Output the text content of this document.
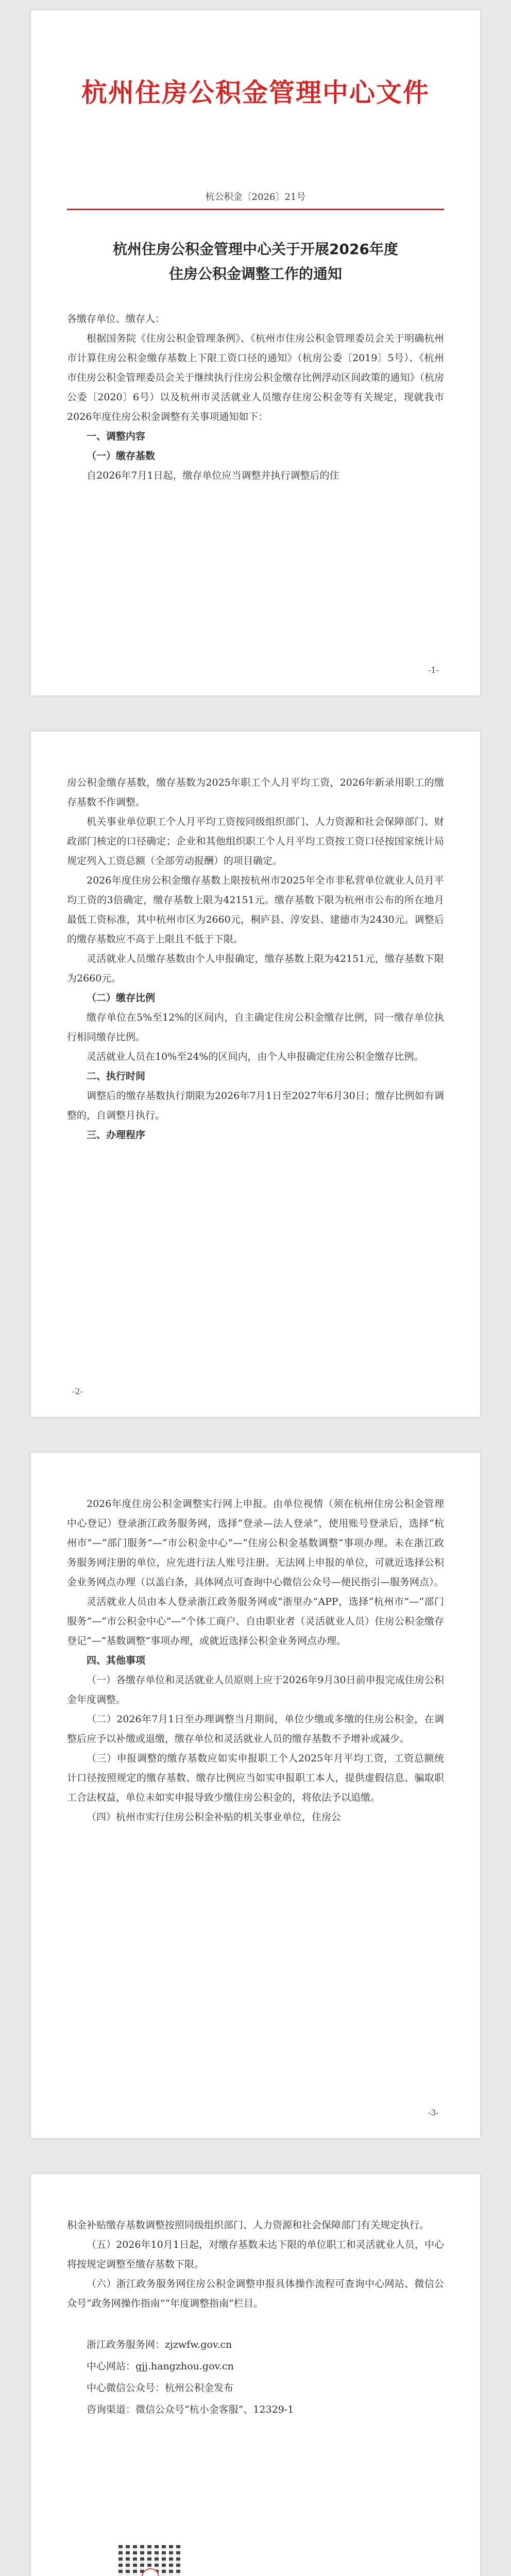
杭州住房公积金管理中心文件
杭公积金〔2026〕21号
杭州住房公积金管理中心关于开展2026年度
住房公积金调整工作的通知

各缴存单位、缴存人：

根据国务院《住房公积金管理条例》、《杭州市住房公积金管理委员会关于明确杭州市计算住房公积金缴存基数上下限工资口径的通知》（杭房公委〔2019〕5号）、《杭州市住房公积金管理委员会关于继续执行住房公积金缴存比例浮动区间政策的通知》（杭房公委〔2020〕6号）以及杭州市灵活就业人员缴存住房公积金等有关规定，现就我市2026年度住房公积金调整有关事项通知如下：

一、调整内容

（一）缴存基数

自2026年7月1日起，缴存单位应当调整并执行调整后的住

-1-

房公积金缴存基数，缴存基数为2025年职工个人月平均工资，2026年新录用职工的缴存基数不作调整。

机关事业单位职工个人月平均工资按同级组织部门、人力资源和社会保障部门、财政部门核定的口径确定；企业和其他组织职工个人月平均工资按工资口径按国家统计局规定列入工资总额（全部劳动报酬）的项目确定。

2026年度住房公积金缴存基数上限按杭州市2025年全市非私营单位就业人员月平均工资的3倍确定，缴存基数上限为42151元。缴存基数下限为杭州市公布的所在地月最低工资标准，其中杭州市区为2660元，桐庐县、淳安县、建德市为2430元。调整后的缴存基数应不高于上限且不低于下限。

灵活就业人员缴存基数由个人申报确定，缴存基数上限为42151元，缴存基数下限为2660元。

（二）缴存比例

缴存单位在5%至12%的区间内，自主确定住房公积金缴存比例，同一缴存单位执行相同缴存比例。

灵活就业人员在10%至24%的区间内，由个人申报确定住房公积金缴存比例。

二、执行时间

调整后的缴存基数执行期限为2026年7月1日至2027年6月30日；缴存比例如有调整的，自调整月执行。

三、办理程序

-2-

2026年度住房公积金调整实行网上申报。由单位视情（须在杭州住房公积金管理中心登记）登录浙江政务服务网，选择“登录—法人登录”，使用账号登录后，选择“杭州市”—“部门服务”—“市公积金中心”—“住房公积金基数调整”事项办理。未在浙江政务服务网注册的单位，应先进行法人账号注册。无法网上申报的单位，可就近选择公积金业务网点办理（以盖白条，具体网点可查询中心微信公众号—便民指引—服务网点）。

灵活就业人员由本人登录浙江政务服务网或“浙里办”APP，选择“杭州市”—“部门服务”—“市公积金中心”—“个体工商户、自由职业者（灵活就业人员）住房公积金缴存登记”—“基数调整”事项办理，或就近选择公积金业务网点办理。

四、其他事项

（一）各缴存单位和灵活就业人员原则上应于2026年9月30日前申报完成住房公积金年度调整。

（二）2026年7月1日至办理调整当月期间，单位少缴或多缴的住房公积金，在调整后应予以补缴或退缴，缴存单位和灵活就业人员的缴存基数不予增补或减少。

（三）申报调整的缴存基数应如实申报职工个人2025年月平均工资，工资总额统计口径按照规定的缴存基数、缴存比例应当如实申报职工本人，提供虚假信息、骗取职工合法权益，单位未如实申报导致少缴住房公积金的，将依法予以追缴。

（四）杭州市实行住房公积金补贴的机关事业单位，住房公

-3-

积金补贴缴存基数调整按照同级组织部门、人力资源和社会保障部门有关规定执行。

（五）2026年10月1日起，对缴存基数未达下限的单位职工和灵活就业人员，中心将按规定调整至缴存基数下限。

（六）浙江政务服务网住房公积金调整申报具体操作流程可查询中心网站、微信公众号“政务网操作指南”“年度调整指南”栏目。

浙江政务服务网：zjzwfw.gov.cn

中心网站：gjj.hangzhou.gov.cn

中心微信公众号：杭州公积金发布

咨询渠道：微信公众号“杭小金客服”、12329-1
